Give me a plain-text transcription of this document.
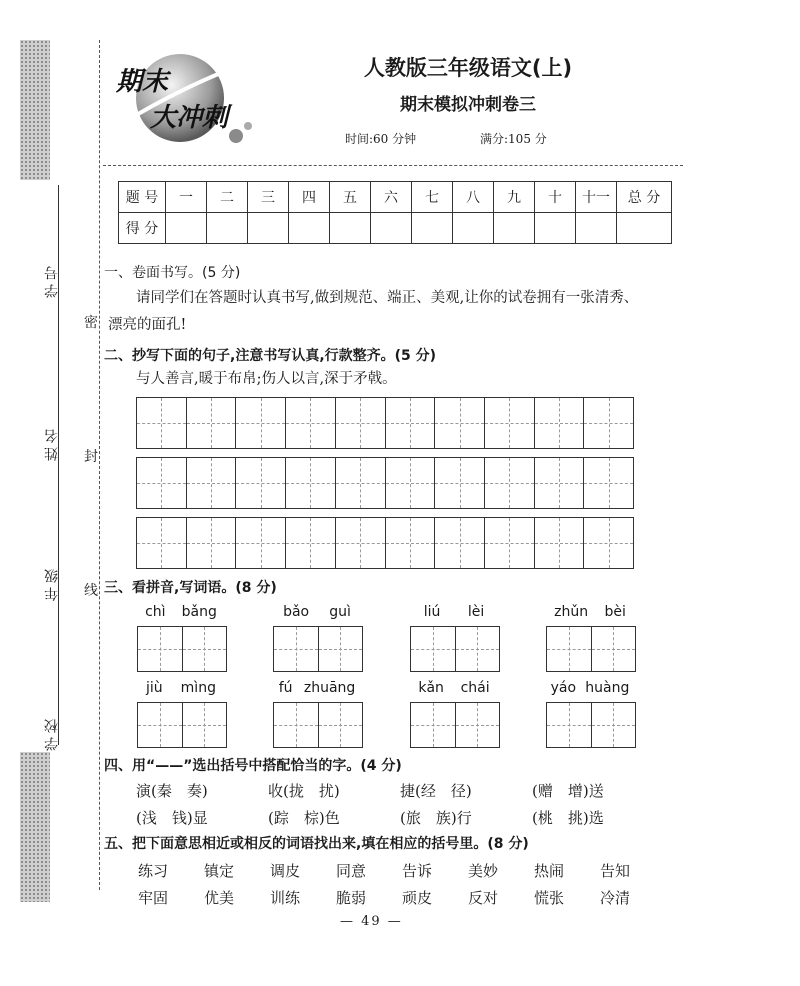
学号
姓名
年级
学校
密
封
线
期末
大冲刺
人教版三年级语文(上)
期末模拟冲刺卷三
时间:60 分钟	满分:105 分
题 号	一	二	三	四	五	六	七	八	九	十	十一	总 分
得 分												
一、卷面书写。(5 分)
请同学们在答题时认真书写,做到规范、端正、美观,让你的试卷拥有一张清秀、
漂亮的面孔!
二、抄写下面的句子,注意书写认真,行款整齐。(5 分)
与人善言,暖于布帛;伤人以言,深于矛戟。
三、看拼音,写词语。(8 分)
chì bǎng	bǎo guì	liú lèi	zhǔn bèi
jiù mìng	fú zhuāng	kǎn chái	yáo huàng
四、用“——”选出括号中搭配恰当的字。(4 分)
演(秦　奏)	收(拢　扰)	捷(经　径)	(赠　增)送
(浅　钱)显	(踪　棕)色	(旅　族)行	(桃　挑)选
五、把下面意思相近或相反的词语找出来,填在相应的括号里。(8 分)
练习 镇定 调皮 同意 告诉 美妙 热闹 告知
牢固 优美 训练 脆弱 顽皮 反对 慌张 冷清
— 49 —
